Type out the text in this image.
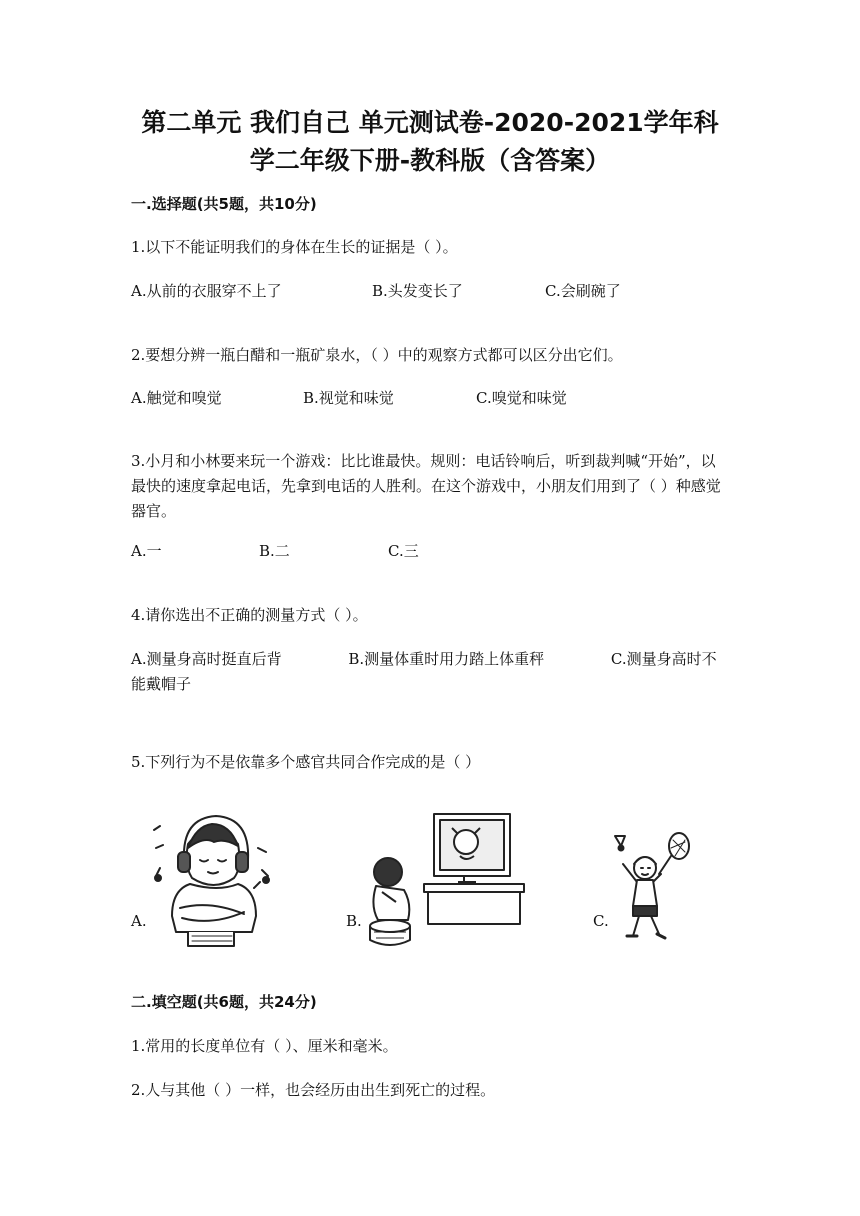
第二单元 我们自己 单元测试卷-2020-2021学年科
学二年级下册-教科版（含答案）
一.选择题(共5题，共10分)
1.以下不能证明我们的身体在生长的证据是（ ）。
A.从前的衣服穿不上了	B.头发变长了	C.会刷碗了
2.要想分辨一瓶白醋和一瓶矿泉水，（ ）中的观察方式都可以区分出它们。
A.触觉和嗅觉	B.视觉和味觉	C.嗅觉和味觉
3.小月和小林要来玩一个游戏：比比谁最快。规则：电话铃响后，听到裁判喊“开始”，以最快的速度拿起电话，先拿到电话的人胜利。在这个游戏中，小朋友们用到了（ ）种感觉器官。
A.一	B.二	C.三
4.请你选出不正确的测量方式（ ）。
A.测量身高时挺直后背              B.测量体重时用力踏上体重秤              C.测量身高时不能戴帽子
5.下列行为不是依靠多个感官共同合作完成的是（ ）
A.	B.	C.
二.填空题(共6题，共24分)
1.常用的长度单位有（ ）、厘米和毫米。
2.人与其他（ ）一样，也会经历由出生到死亡的过程。
